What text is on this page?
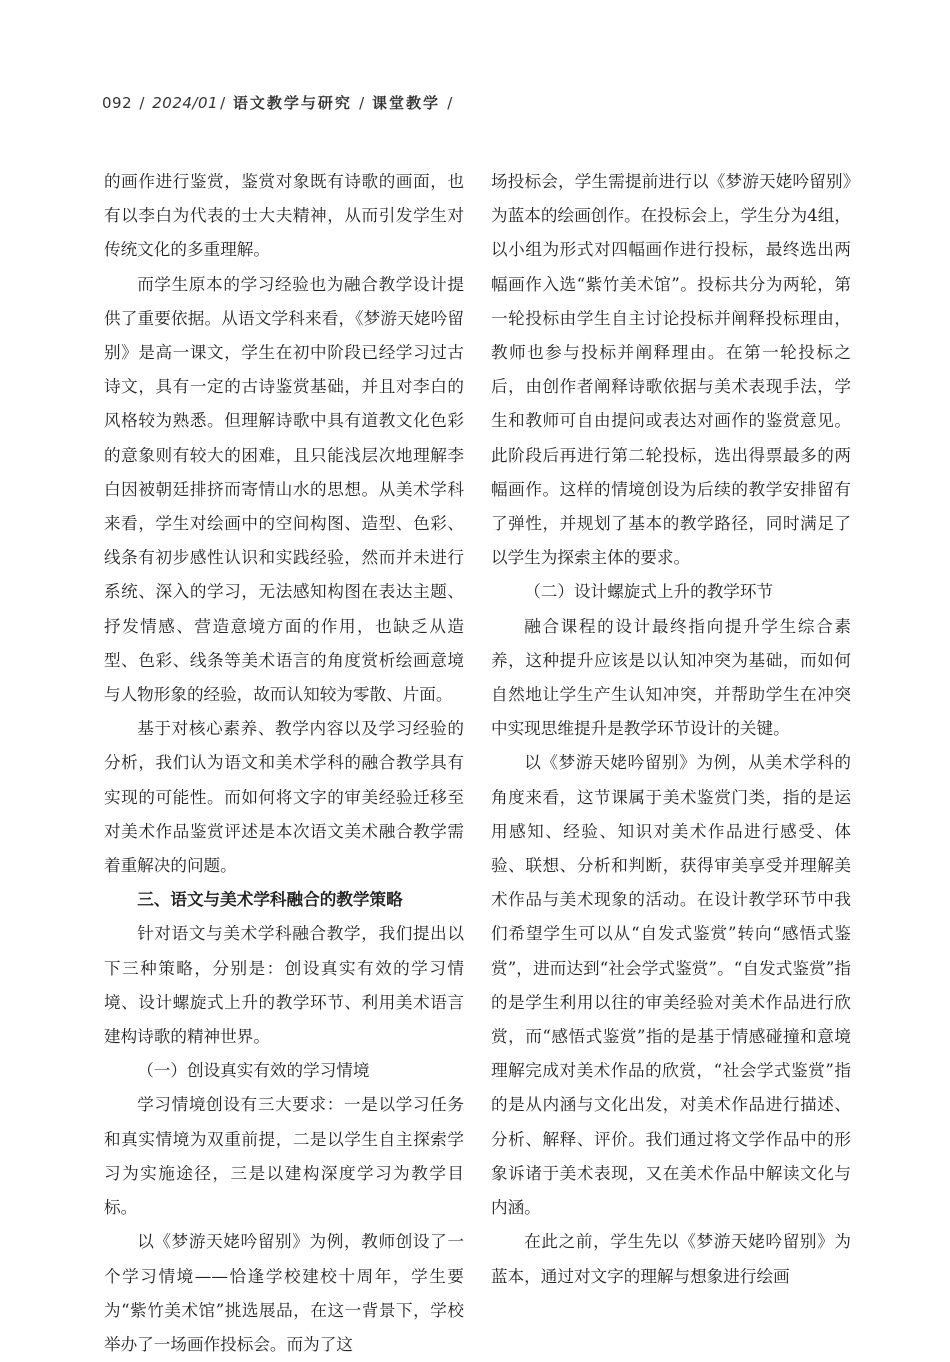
092 / 2024/01 / 语文教学与研究 / 课堂教学 /

的画作进行鉴赏，鉴赏对象既有诗歌的画面，也有以李白为代表的士大夫精神，从而引发学生对传统文化的多重理解。

而学生原本的学习经验也为融合教学设计提供了重要依据。从语文学科来看，《梦游天姥吟留别》是高一课文，学生在初中阶段已经学习过古诗文，具有一定的古诗鉴赏基础，并且对李白的风格较为熟悉。但理解诗歌中具有道教文化色彩的意象则有较大的困难，且只能浅层次地理解李白因被朝廷排挤而寄情山水的思想。从美术学科来看，学生对绘画中的空间构图、造型、色彩、线条有初步感性认识和实践经验，然而并未进行系统、深入的学习，无法感知构图在表达主题、抒发情感、营造意境方面的作用，也缺乏从造型、色彩、线条等美术语言的角度赏析绘画意境与人物形象的经验，故而认知较为零散、片面。

基于对核心素养、教学内容以及学习经验的分析，我们认为语文和美术学科的融合教学具有实现的可能性。而如何将文字的审美经验迁移至对美术作品鉴赏评述是本次语文美术融合教学需着重解决的问题。

三、语文与美术学科融合的教学策略

针对语文与美术学科融合教学，我们提出以下三种策略，分别是：创设真实有效的学习情境、设计螺旋式上升的教学环节、利用美术语言建构诗歌的精神世界。

（一）创设真实有效的学习情境

学习情境创设有三大要求：一是以学习任务和真实情境为双重前提，二是以学生自主探索学习为实施途径，三是以建构深度学习为教学目标。

以《梦游天姥吟留别》为例，教师创设了一个学习情境——恰逢学校建校十周年，学生要为“紫竹美术馆”挑选展品，在这一背景下，学校举办了一场画作投标会。而为了这

场投标会，学生需提前进行以《梦游天姥吟留别》为蓝本的绘画创作。在投标会上，学生分为4组，以小组为形式对四幅画作进行投标，最终选出两幅画作入选“紫竹美术馆”。投标共分为两轮，第一轮投标由学生自主讨论投标并阐释投标理由，教师也参与投标并阐释理由。在第一轮投标之后，由创作者阐释诗歌依据与美术表现手法，学生和教师可自由提问或表达对画作的鉴赏意见。此阶段后再进行第二轮投标，选出得票最多的两幅画作。这样的情境创设为后续的教学安排留有了弹性，并规划了基本的教学路径，同时满足了以学生为探索主体的要求。

（二）设计螺旋式上升的教学环节

融合课程的设计最终指向提升学生综合素养，这种提升应该是以认知冲突为基础，而如何自然地让学生产生认知冲突，并帮助学生在冲突中实现思维提升是教学环节设计的关键。

以《梦游天姥吟留别》为例，从美术学科的角度来看，这节课属于美术鉴赏门类，指的是运用感知、经验、知识对美术作品进行感受、体验、联想、分析和判断，获得审美享受并理解美术作品与美术现象的活动。在设计教学环节中我们希望学生可以从“自发式鉴赏”转向“感悟式鉴赏”，进而达到“社会学式鉴赏”。“自发式鉴赏”指的是学生利用以往的审美经验对美术作品进行欣赏，而“感悟式鉴赏”指的是基于情感碰撞和意境理解完成对美术作品的欣赏，“社会学式鉴赏”指的是从内涵与文化出发，对美术作品进行描述、分析、解释、评价。我们通过将文学作品中的形象诉诸于美术表现，又在美术作品中解读文化与内涵。

在此之前，学生先以《梦游天姥吟留别》为蓝本，通过对文字的理解与想象进行绘画
